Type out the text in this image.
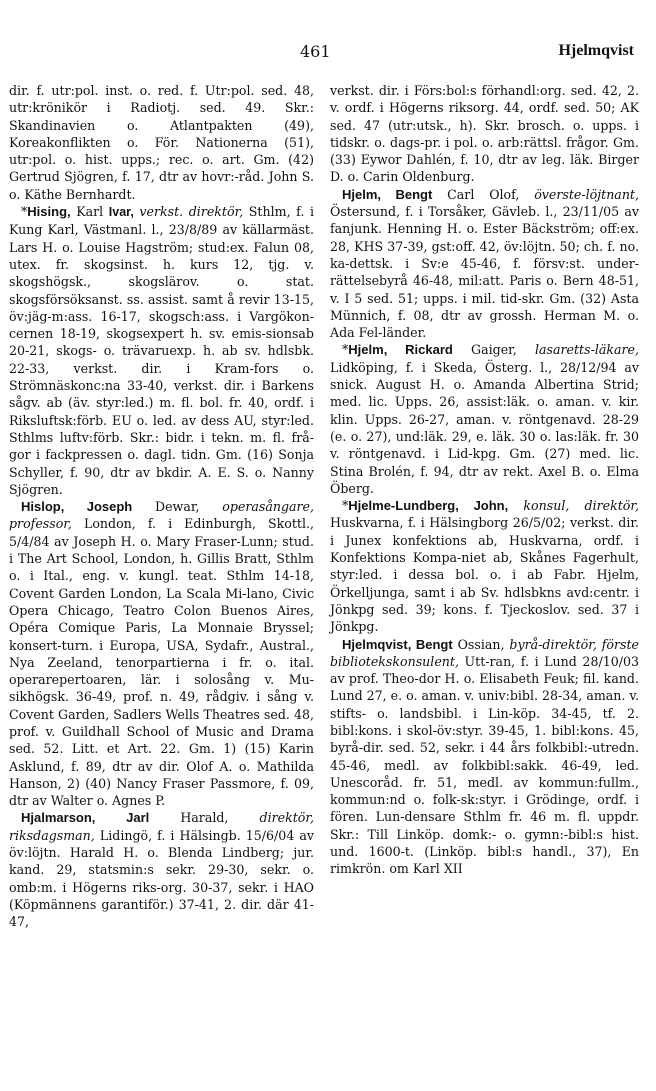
461	Hjelmqvist

dir. f. utr:pol. inst. o. red. f. Utr:pol. sed. 48, utr:krönikör i Radiotj. sed. 49. Skr.: Skandinavien o. Atlantpakten (49), Koreakonflikten o. För. Nationerna (51), utr:pol. o. hist. upps.; rec. o. art. Gm. (42) Gertrud Sjögren, f. 17, dtr av hovr:-råd. John S. o. Käthe Bernhardt.

*Hising, Karl Ivar, verkst. direktör, Sthlm, f. i Kung Karl, Västmanl. l., 23/8/89 av källarmäst. Lars H. o. Louise Hagström; stud:ex. Falun 08, utex. fr. skogsinst. h. kurs 12, tjg. v. skogshögsk., skogslärov. o. stat. skogsförsöksanst. ss. assist. samt å revir 13-15, öv:jäg-m:ass. 16-17, skogsch:ass. i Vargökon-cernen 18-19, skogsexpert h. sv. emis-sionsab 20-21, skogs- o. trävaruexp. h. ab sv. hdlsbk. 22-33, verkst. dir. i Kram-fors o. Strömnäskonc:na 33-40, verkst. dir. i Barkens sågv. ab (äv. styr:led.) m. fl. bol. fr. 40, ordf. i Riksluftsk:förb. EU o. led. av dess AU, styr:led. Sthlms luftv:förb. Skr.: bidr. i tekn. m. fl. frå-gor i fackpressen o. dagl. tidn. Gm. (16) Sonja Schyller, f. 90, dtr av bkdir. A. E. S. o. Nanny Sjögren.

Hislop, Joseph Dewar, operasångare, professor, London, f. i Edinburgh, Skottl., 5/4/84 av Joseph H. o. Mary Fraser-Lunn; stud. i The Art School, London, h. Gillis Bratt, Sthlm o. i Ital., eng. v. kungl. teat. Sthlm 14-18, Covent Garden London, La Scala Mi-lano, Civic Opera Chicago, Teatro Colon Buenos Aires, Opéra Comique Paris, La Monnaie Bryssel; konsert-turn. i Europa, USA, Sydafr., Austral., Nya Zeeland, tenorpartierna i fr. o. ital. operarepertoaren, lär. i solosång v. Mu-sikhögsk. 36-49, prof. n. 49, rådgiv. i sång v. Covent Garden, Sadlers Wells Theatres sed. 48, prof. v. Guildhall School of Music and Drama sed. 52. Litt. et Art. 22. Gm. 1) (15) Karin Asklund, f. 89, dtr av dir. Olof A. o. Mathilda Hanson, 2) (40) Nancy Fraser Passmore, f. 09, dtr av Walter o. Agnes P.

Hjalmarson, Jarl Harald, direktör, riksdagsman, Lidingö, f. i Hälsingb. 15/6/04 av öv:löjtn. Harald H. o. Blenda Lindberg; jur. kand. 29, statsmin:s sekr. 29-30, sekr. o. omb:m. i Högerns riks-org. 30-37, sekr. i HAO (Köpmännens garantiför.) 37-41, 2. dir. där 41-47,

verkst. dir. i Förs:bol:s förhandl:org. sed. 42, 2. v. ordf. i Högerns riksorg. 44, ordf. sed. 50; AK sed. 47 (utr:utsk., h). Skr. brosch. o. upps. i tidskr. o. dags-pr. i pol. o. arb:rättsl. frågor. Gm. (33) Eywor Dahlén, f. 10, dtr av leg. läk. Birger D. o. Carin Oldenburg.

Hjelm, Bengt Carl Olof, överste-löjtnant, Östersund, f. i Torsåker, Gävleb. l., 23/11/05 av fanjunk. Henning H. o. Ester Bäckström; off:ex. 28, KHS 37-39, gst:off. 42, öv:löjtn. 50; ch. f. no. ka-dettsk. i Sv:e 45-46, f. försv:st. under-rättelsebyrå 46-48, mil:att. Paris o. Bern 48-51, v. I 5 sed. 51; upps. i mil. tid-skr. Gm. (32) Asta Münnich, f. 08, dtr av grossh. Herman M. o. Ada Fel-länder.

*Hjelm, Rickard Gaiger, lasaretts-läkare, Lidköping, f. i Skeda, Österg. l., 28/12/94 av snick. August H. o. Amanda Albertina Strid; med. lic. Upps. 26, assist:läk. o. aman. v. kir. klin. Upps. 26-27, aman. v. röntgenavd. 28-29 (e. o. 27), und:läk. 29, e. läk. 30 o. las:läk. fr. 30 v. röntgenavd. i Lid-kpg. Gm. (27) med. lic. Stina Brolén, f. 94, dtr av rekt. Axel B. o. Elma Öberg.

*Hjelme-Lundberg, John, konsul, direktör, Huskvarna, f. i Hälsingborg 26/5/02; verkst. dir. i Junex konfektions ab, Huskvarna, ordf. i Konfektions Kompa-niet ab, Skånes Fagerhult, styr:led. i dessa bol. o. i ab Fabr. Hjelm, Örkelljunga, samt i ab Sv. hdlsbkns avd:centr. i Jönkpg sed. 39; kons. f. Tjeckoslov. sed. 37 i Jönkpg.

Hjelmqvist, Bengt Ossian, byrå-direktör, förste bibliotekskonsulent, Utt-ran, f. i Lund 28/10/03 av prof. Theo-dor H. o. Elisabeth Feuk; fil. kand. Lund 27, e. o. aman. v. univ:bibl. 28-34, aman. v. stifts- o. landsbibl. i Lin-köp. 34-45, tf. 2. bibl:kons. i skol-öv:styr. 39-45, 1. bibl:kons. 45, byrå-dir. sed. 52, sekr. i 44 års folkbibl:-utredn. 45-46, medl. av folkbibl:sakk. 46-49, led. Unescoråd. fr. 51, medl. av kommun:fullm., kommun:nd o. folk-sk:styr. i Grödinge, ordf. i fören. Lun-densare Sthlm fr. 46 m. fl. uppdr. Skr.: Till Linköp. domk:- o. gymn:-bibl:s hist. und. 1600-t. (Linköp. bibl:s handl., 37), En rimkrön. om Karl XII
